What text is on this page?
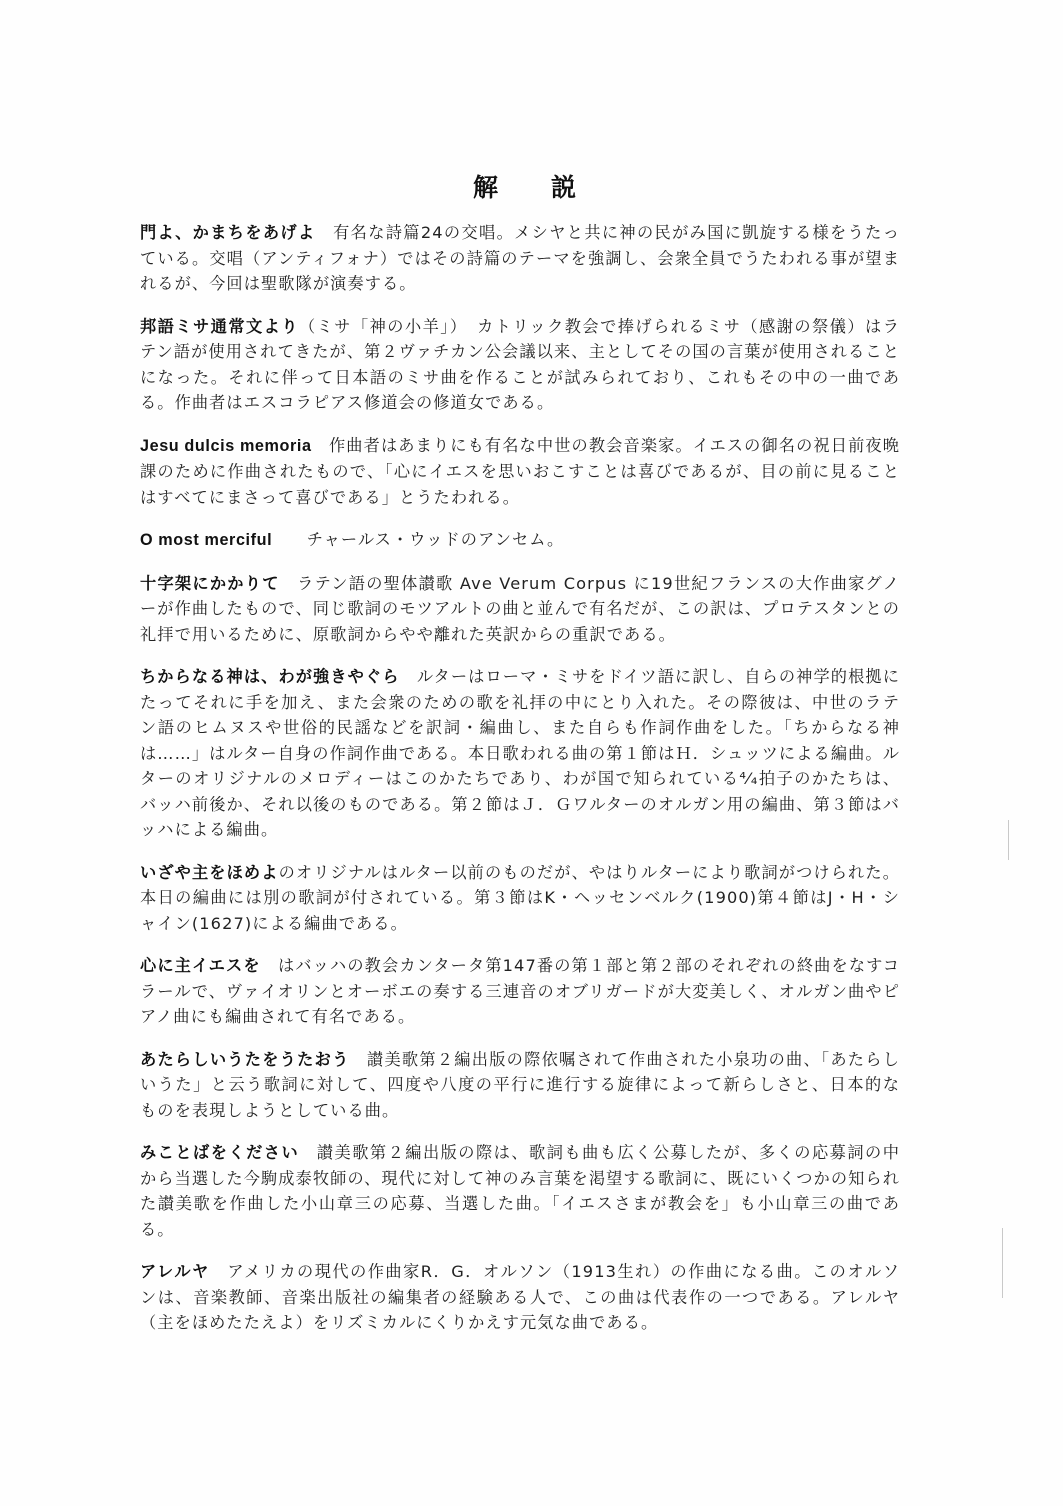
解　説

門よ、かまちをあげよ　有名な詩篇24の交唱。メシヤと共に神の民がみ国に凱旋する様をうたっている。交唱（アンティフォナ）ではその詩篇のテーマを強調し、会衆全員でうたわれる事が望まれるが、今回は聖歌隊が演奏する。

邦語ミサ通常文より（ミサ「神の小羊」）　カトリック教会で捧げられるミサ（感謝の祭儀）はラテン語が使用されてきたが、第２ヴァチカン公会議以来、主としてその国の言葉が使用されることになった。それに伴って日本語のミサ曲を作ることが試みられており、これもその中の一曲である。作曲者はエスコラピアス修道会の修道女である。

Jesu dulcis memoria　作曲者はあまりにも有名な中世の教会音楽家。イエスの御名の祝日前夜晩課のために作曲されたもので、「心にイエスを思いおこすことは喜びであるが、目の前に見ることはすべてにまさって喜びである」とうたわれる。

O most merciful　　チャールス・ウッドのアンセム。

十字架にかかりて　ラテン語の聖体讃歌 Ave Verum Corpus に19世紀フランスの大作曲家グノーが作曲したもので、同じ歌詞のモツアルトの曲と並んで有名だが、この訳は、プロテスタンとの礼拝で用いるために、原歌詞からやや離れた英訳からの重訳である。

ちからなる神は、わが強きやぐら　ルターはローマ・ミサをドイツ語に訳し、自らの神学的根拠にたってそれに手を加え、また会衆のための歌を礼拝の中にとり入れた。その際彼は、中世のラテン語のヒムヌスや世俗的民謡などを訳詞・編曲し、また自らも作詞作曲をした。「ちからなる神は……」はルター自身の作詞作曲である。本日歌われる曲の第１節はＨ．シュッツによる編曲。ルターのオリジナルのメロディーはこのかたちであり、わが国で知られている⁴⁄₄拍子のかたちは、バッハ前後か、それ以後のものである。第２節はＪ．Ｇワルターのオルガン用の編曲、第３節はバッハによる編曲。

いざや主をほめよのオリジナルはルター以前のものだが、やはりルターにより歌詞がつけられた。本日の編曲には別の歌詞が付されている。第３節はK・ヘッセンベルク(1900)第４節はJ・H・シャイン(1627)による編曲である。

心に主イエスを　はバッハの教会カンタータ第147番の第１部と第２部のそれぞれの終曲をなすコラールで、ヴァイオリンとオーボエの奏する三連音のオブリガードが大変美しく、オルガン曲やピアノ曲にも編曲されて有名である。

あたらしいうたをうたおう　讃美歌第２編出版の際依嘱されて作曲された小泉功の曲、「あたらしいうた」と云う歌詞に対して、四度や八度の平行に進行する旋律によって新らしさと、日本的なものを表現しようとしている曲。

みことばをください　讃美歌第２編出版の際は、歌詞も曲も広く公募したが、多くの応募詞の中から当選した今駒成泰牧師の、現代に対して神のみ言葉を渇望する歌詞に、既にいくつかの知られた讃美歌を作曲した小山章三の応募、当選した曲。「イエスさまが教会を」も小山章三の曲である。

アレルヤ　アメリカの現代の作曲家R．G．オルソン（1913生れ）の作曲になる曲。このオルソンは、音楽教師、音楽出版社の編集者の経験ある人で、この曲は代表作の一つである。アレルヤ（主をほめたたえよ）をリズミカルにくりかえす元気な曲である。
